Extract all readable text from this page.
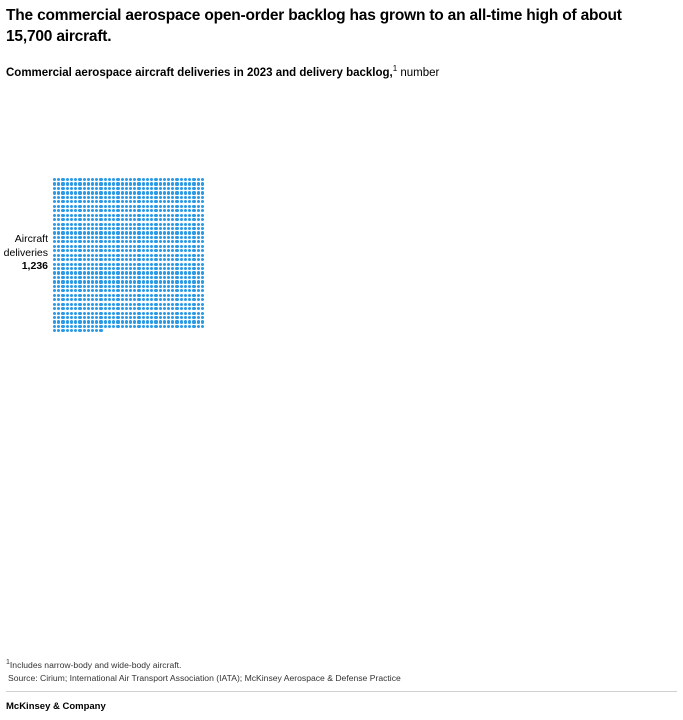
The commercial aerospace open-order backlog has grown to an all-time high of about 15,700 aircraft.
Commercial aerospace aircraft deliveries in 2023 and delivery backlog,$^1$ number
Aircraft
deliveries
1,236
$^1$Includes narrow-body and wide-body aircraft.
Source: Cirium; International Air Transport Association (IATA); McKinsey Aerospace & Defense Practice
McKinsey & Company
